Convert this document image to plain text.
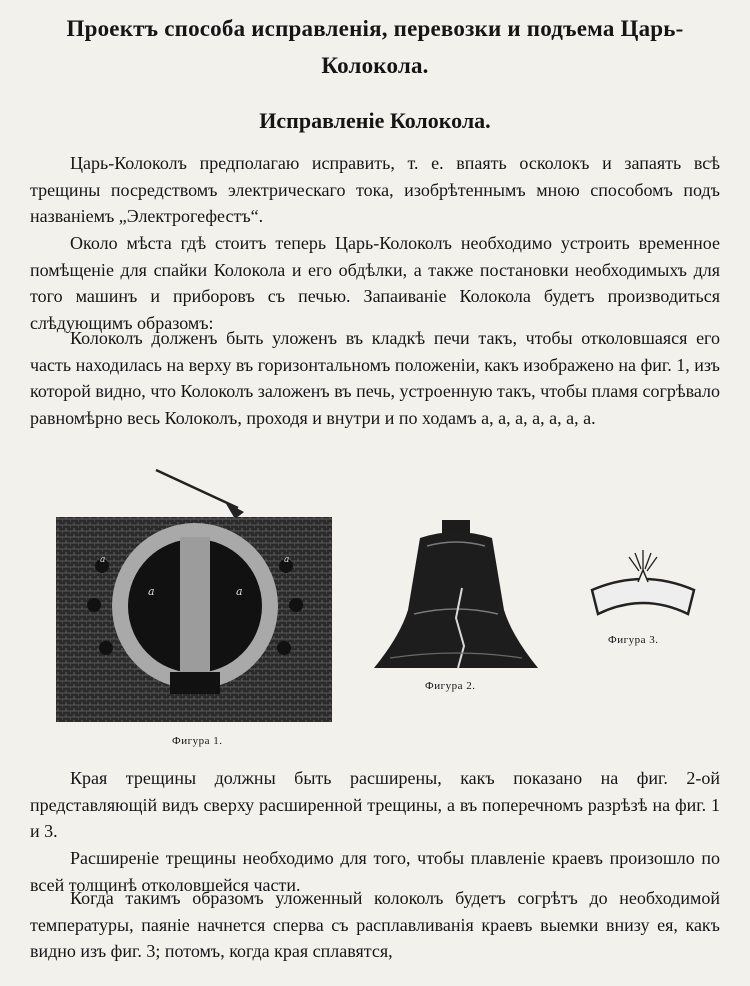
Проектъ способа исправленія, перевозки и подъема Царь-Колокола.
Исправленіе Колокола.

Царь-Колоколъ предполагаю исправить, т. е. впаять осколокъ и запаять всѣ трещины посредствомъ электрическаго тока, изобрѣтеннымъ мною способомъ подъ названіемъ „Электрогефестъ“.

Около мѣста гдѣ стоитъ теперь Царь-Колоколъ необходимо устроить временное помѣщеніе для спайки Колокола и его обдѣлки, а также постановки необходимыхъ для того машинъ и приборовъ съ печью. Запаиваніе Колокола будетъ производиться слѣдующимъ образомъ:

Колоколъ долженъ быть уложенъ въ кладкѣ печи такъ, чтобы отколовшаяся его часть находилась на верху въ горизонтальномъ положеніи, какъ изображено на фиг. 1, изъ которой видно, что Колоколъ заложенъ въ печь, устроенную такъ, чтобы пламя согрѣвало равномѣрно весь Колоколъ, проходя и внутри и по ходамъ а, а, а, а, а, а, а.

a	a
a	a
Фигура 1.
Фигура 2.
Фигура 3.

Края трещины должны быть расширены, какъ показано на фиг. 2-ой представляющій видъ сверху расширенной трещины, а въ поперечномъ разрѣзѣ на фиг. 1 и 3.

Расширеніе трещины необходимо для того, чтобы плавленіе краевъ произошло по всей толщинѣ отколовшейся части.

Когда такимъ образомъ уложенный колоколъ будетъ согрѣтъ до необходимой температуры, паяніе начнется сперва съ расплавливанія краевъ выемки внизу ея, какъ видно изъ фиг. 3; потомъ, когда края сплавятся,
